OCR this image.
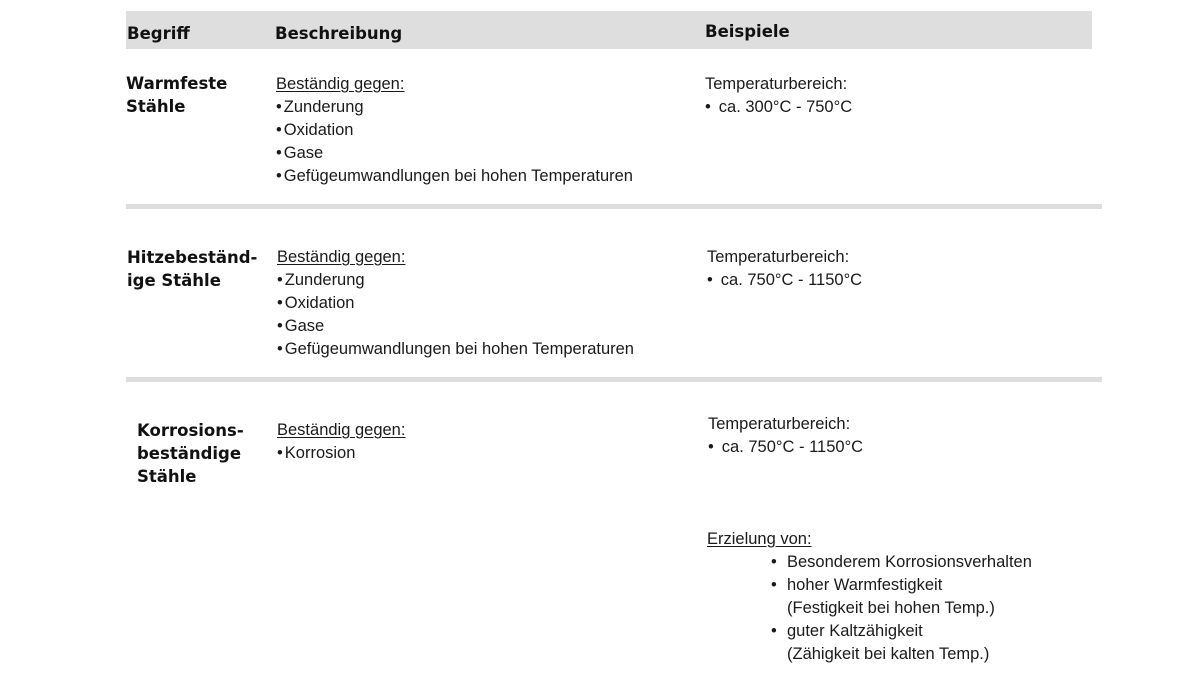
Begriff	Beschreibung	Beispiele
Warmfeste
Stähle
Beständig gegen:
• Zunderung
• Oxidation
• Gase
• Gefügeumwandlungen bei hohen Temperaturen
Temperaturbereich:
• ca. 300°C - 750°C
Hitzebeständ-
ige Stähle
Beständig gegen:
• Zunderung
• Oxidation
• Gase
• Gefügeumwandlungen bei hohen Temperaturen
Temperaturbereich:
• ca. 750°C - 1150°C
Korrosions-
beständige
Stähle
Beständig gegen:
• Korrosion
Temperaturbereich:
• ca. 750°C - 1150°C
Erzielung von:
• Besonderem Korrosionsverhalten
• hoher Warmfestigkeit
(Festigkeit bei hohen Temp.)
• guter Kaltzähigkeit
(Zähigkeit bei kalten Temp.)
